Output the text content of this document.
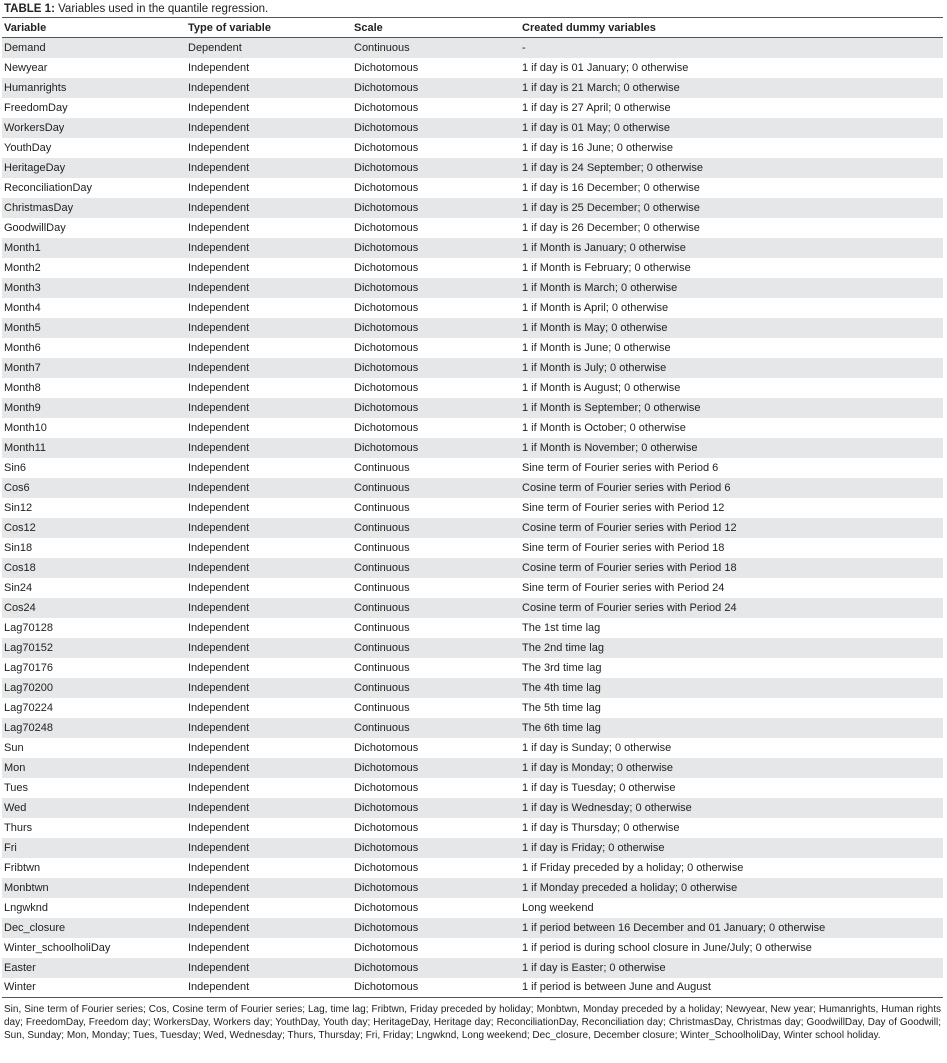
TABLE 1: Variables used in the quantile regression.
Variable	Type of variable	Scale	Created dummy variables
Demand	Dependent	Continuous	-
Newyear	Independent	Dichotomous	1 if day is 01 January; 0 otherwise
Humanrights	Independent	Dichotomous	1 if day is 21 March; 0 otherwise
FreedomDay	Independent	Dichotomous	1 if day is 27 April; 0 otherwise
WorkersDay	Independent	Dichotomous	1 if day is 01 May; 0 otherwise
YouthDay	Independent	Dichotomous	1 if day is 16 June; 0 otherwise
HeritageDay	Independent	Dichotomous	1 if day is 24 September; 0 otherwise
ReconciliationDay	Independent	Dichotomous	1 if day is 16 December; 0 otherwise
ChristmasDay	Independent	Dichotomous	1 if day is 25 December; 0 otherwise
GoodwillDay	Independent	Dichotomous	1 if day is 26 December; 0 otherwise
Month1	Independent	Dichotomous	1 if Month is January; 0 otherwise
Month2	Independent	Dichotomous	1 if Month is February; 0 otherwise
Month3	Independent	Dichotomous	1 if Month is March; 0 otherwise
Month4	Independent	Dichotomous	1 if Month is April; 0 otherwise
Month5	Independent	Dichotomous	1 if Month is May; 0 otherwise
Month6	Independent	Dichotomous	1 if Month is June; 0 otherwise
Month7	Independent	Dichotomous	1 if Month is July; 0 otherwise
Month8	Independent	Dichotomous	1 if Month is August; 0 otherwise
Month9	Independent	Dichotomous	1 if Month is September; 0 otherwise
Month10	Independent	Dichotomous	1 if Month is October; 0 otherwise
Month11	Independent	Dichotomous	1 if Month is November; 0 otherwise
Sin6	Independent	Continuous	Sine term of Fourier series with Period 6
Cos6	Independent	Continuous	Cosine term of Fourier series with Period 6
Sin12	Independent	Continuous	Sine term of Fourier series with Period 12
Cos12	Independent	Continuous	Cosine term of Fourier series with Period 12
Sin18	Independent	Continuous	Sine term of Fourier series with Period 18
Cos18	Independent	Continuous	Cosine term of Fourier series with Period 18
Sin24	Independent	Continuous	Sine term of Fourier series with Period 24
Cos24	Independent	Continuous	Cosine term of Fourier series with Period 24
Lag70128	Independent	Continuous	The 1st time lag
Lag70152	Independent	Continuous	The 2nd time lag
Lag70176	Independent	Continuous	The 3rd time lag
Lag70200	Independent	Continuous	The 4th time lag
Lag70224	Independent	Continuous	The 5th time lag
Lag70248	Independent	Continuous	The 6th time lag
Sun	Independent	Dichotomous	1 if day is Sunday; 0 otherwise
Mon	Independent	Dichotomous	1 if day is Monday; 0 otherwise
Tues	Independent	Dichotomous	1 if day is Tuesday; 0 otherwise
Wed	Independent	Dichotomous	1 if day is Wednesday; 0 otherwise
Thurs	Independent	Dichotomous	1 if day is Thursday; 0 otherwise
Fri	Independent	Dichotomous	1 if day is Friday; 0 otherwise
Fribtwn	Independent	Dichotomous	1 if Friday preceded by a holiday; 0 otherwise
Monbtwn	Independent	Dichotomous	1 if Monday preceded a holiday; 0 otherwise
Lngwknd	Independent	Dichotomous	Long weekend
Dec_closure	Independent	Dichotomous	1 if period between 16 December and 01 January; 0 otherwise
Winter_schoolholiDay	Independent	Dichotomous	1 if period is during school closure in June/July; 0 otherwise
Easter	Independent	Dichotomous	1 if day is Easter; 0 otherwise
Winter	Independent	Dichotomous	1 if period is between June and August
Sin, Sine term of Fourier series; Cos, Cosine term of Fourier series; Lag, time lag; Fribtwn, Friday preceded by holiday; Monbtwn, Monday preceded by a holiday; Newyear, New year; Humanrights, Human rights day; FreedomDay, Freedom day; WorkersDay, Workers day; YouthDay, Youth day; HeritageDay, Heritage day; ReconciliationDay, Reconciliation day; ChristmasDay, Christmas day; GoodwillDay, Day of Goodwill; Sun, Sunday; Mon, Monday; Tues, Tuesday; Wed, Wednesday; Thurs, Thursday; Fri, Friday; Lngwknd, Long weekend; Dec_closure, December closure; Winter_SchoolholiDay, Winter school holiday.
